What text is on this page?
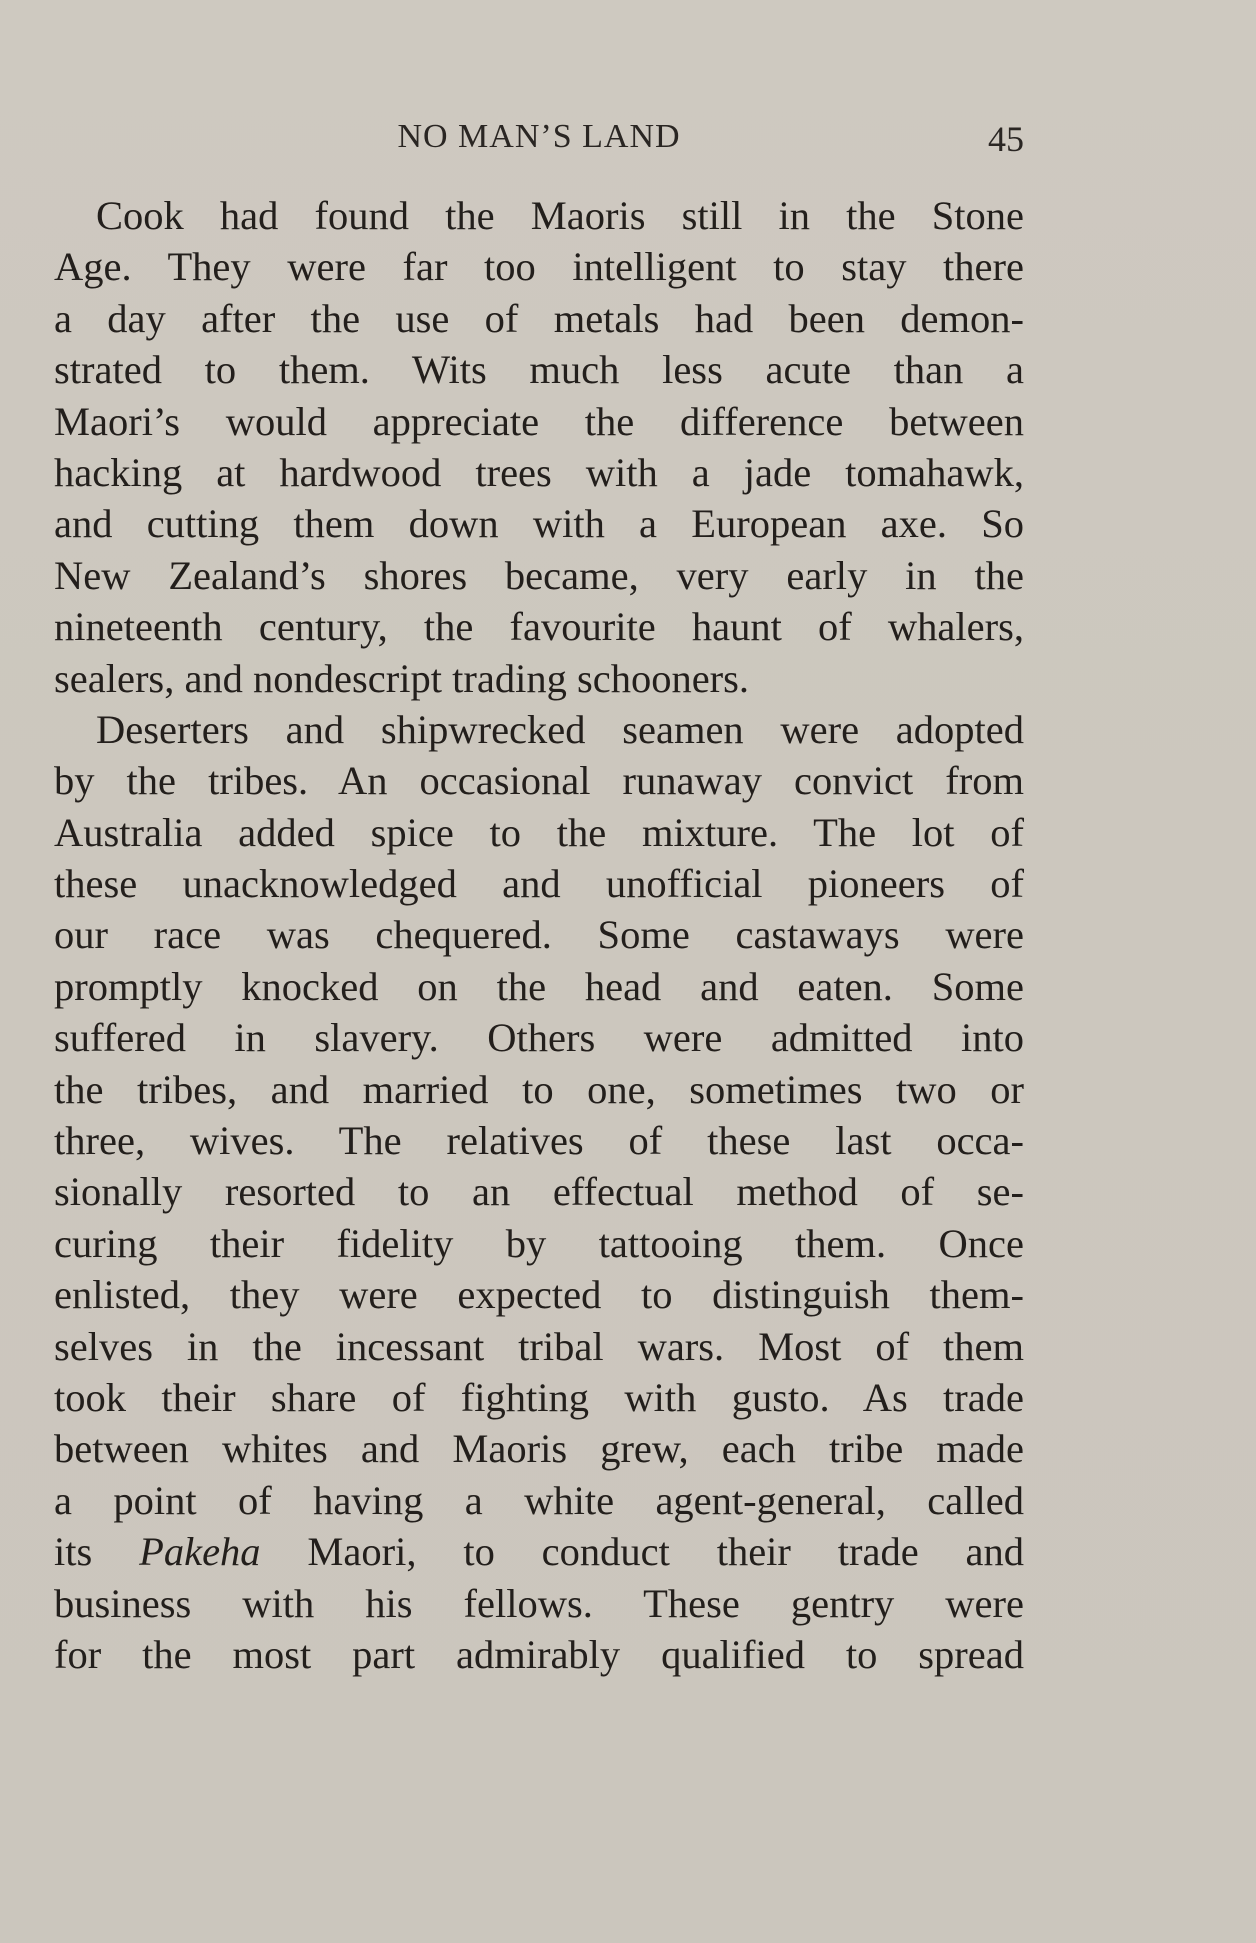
NO MAN’S LAND	45
Cook had found the Maoris still in the Stone
Age. They were far too intelligent to stay there
a day after the use of metals had been demon-
strated to them. Wits much less acute than a
Maori’s would appreciate the difference between
hacking at hardwood trees with a jade tomahawk,
and cutting them down with a European axe. So
New Zealand’s shores became, very early in the
nineteenth century, the favourite haunt of whalers,
sealers, and nondescript trading schooners.
Deserters and shipwrecked seamen were adopted
by the tribes. An occasional runaway convict from
Australia added spice to the mixture. The lot of
these unacknowledged and unofficial pioneers of
our race was chequered. Some castaways were
promptly knocked on the head and eaten. Some
suffered in slavery. Others were admitted into
the tribes, and married to one, sometimes two or
three, wives. The relatives of these last occa-
sionally resorted to an effectual method of se-
curing their fidelity by tattooing them. Once
enlisted, they were expected to distinguish them-
selves in the incessant tribal wars. Most of them
took their share of fighting with gusto. As trade
between whites and Maoris grew, each tribe made
a point of having a white agent-general, called
its Pakeha Maori, to conduct their trade and
business with his fellows. These gentry were
for the most part admirably qualified to spread
